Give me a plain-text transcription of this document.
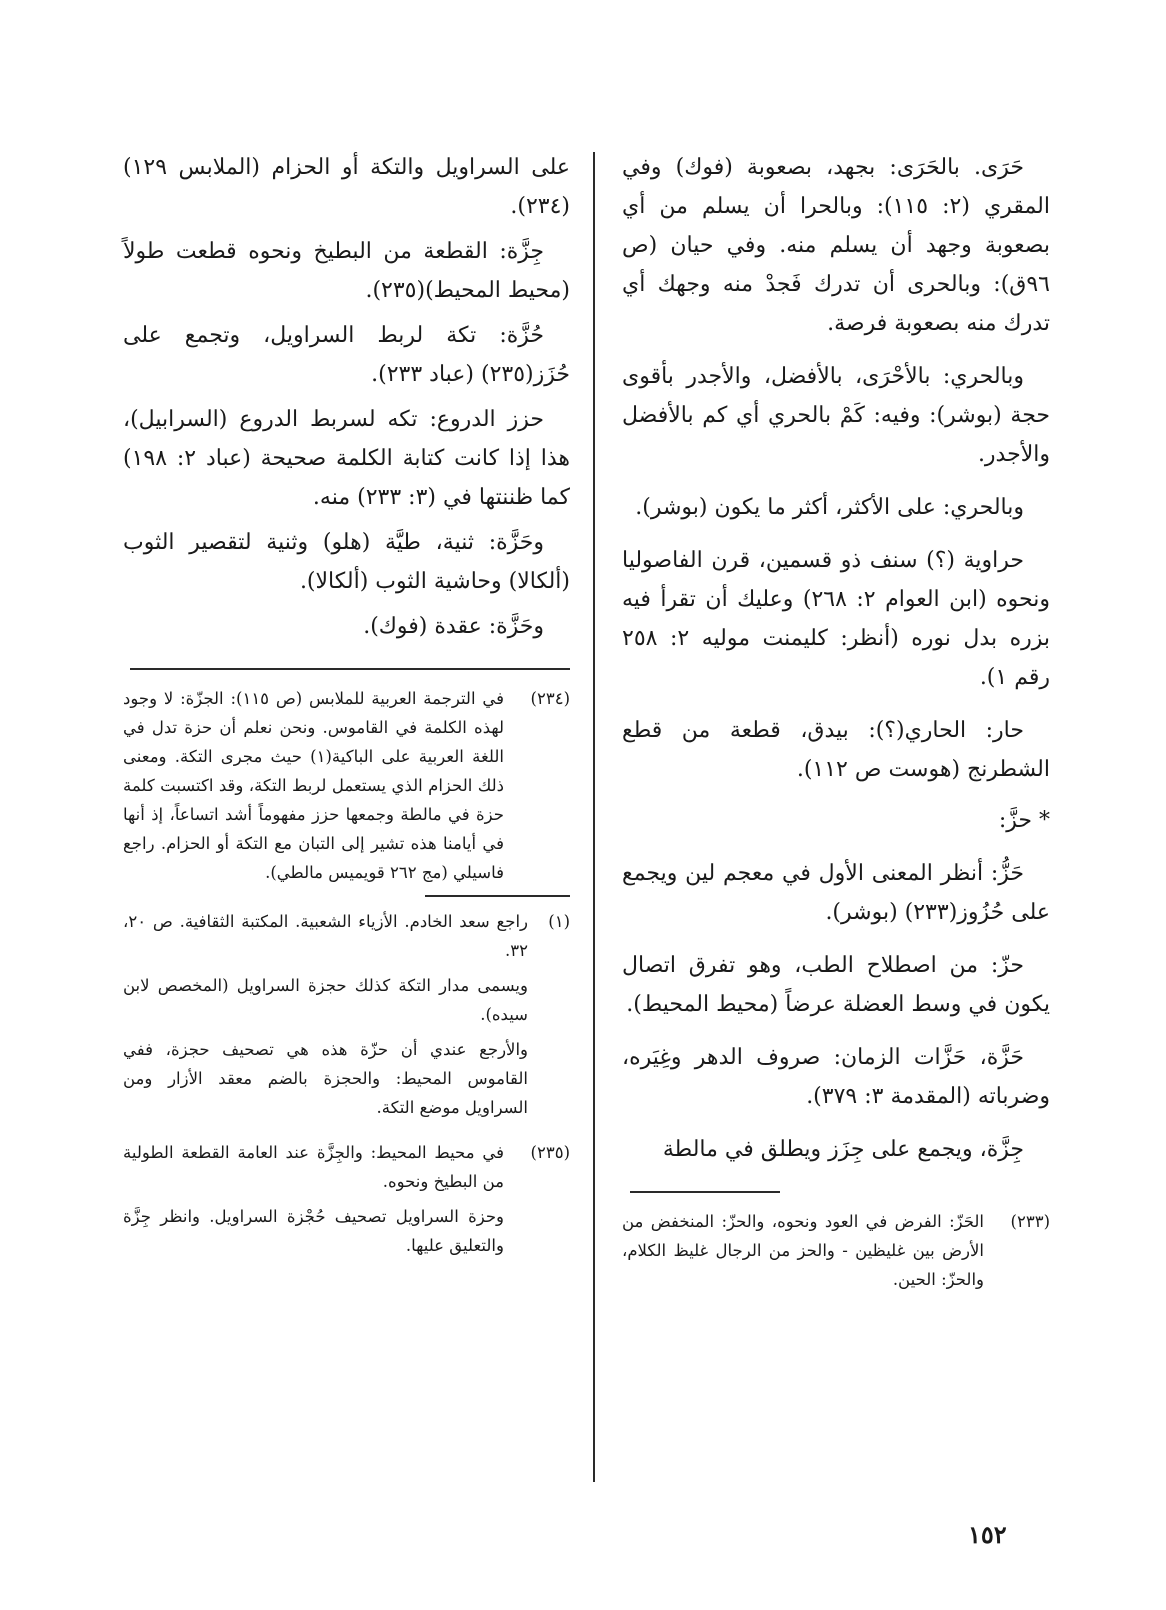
حَرَى. بالحَرَى: بجهد، بصعوبة (فوك) وفي المقري (٢: ١١٥): وبالحرا أن يسلم من أي بصعوبة وجهد أن يسلم منه. وفي حيان (ص ٩٦ق): وبالحرى أن تدرك فَجدْ منه وجهك أي تدرك منه بصعوبة فرصة.

وبالحري: بالأحْرَى، بالأفضل، والأجدر بأقوى حجة (بوشر): وفيه: كَمْ بالحري أي كم بالأفضل والأجدر.

وبالحري: على الأكثر، أكثر ما يكون (بوشر).

حراوية (؟) سنف ذو قسمين، قرن الفاصوليا ونحوه (ابن العوام ٢: ٢٦٨) وعليك أن تقرأ فيه بزره بدل نوره (أنظر: كليمنت موليه ٢: ٢٥٨ رقم ١).

حار: الحاري(؟): بيدق، قطعة من قطع الشطرنج (هوست ص ١١٢).

* حزَّ:

حَزُّ: أنظر المعنى الأول في معجم لين ويجمع على حُزُوز(٢٣٣) (بوشر).

حزّ: من اصطلاح الطب، وهو تفرق اتصال يكون في وسط العضلة عرضاً (محيط المحيط).

حَزَّة، حَزَّات الزمان: صروف الدهر وغِيَره، وضرباته (المقدمة ٣: ٣٧٩).

جِزَّة، ويجمع على جِزَز ويطلق في مالطة

(٢٣٣)
الحَزّ: الفرض في العود ونحوه، والحزّ: المنخفض من الأرض بين غليظين - والحز من الرجال غليظ الكلام، والحزّ: الحين.

على السراويل والتكة أو الحزام (الملابس ١٢٩)(٢٣٤).

جِزَّة: القطعة من البطيخ ونحوه قطعت طولاً (محيط المحيط)(٢٣٥).

حُزَّة: تكة لربط السراويل، وتجمع على حُزَز(٢٣٥) (عباد ٢٣٣).

حزز الدروع: تكه لسربط الدروع (السرابيل)، هذا إذا كانت كتابة الكلمة صحيحة (عباد ٢: ١٩٨) كما ظننتها في (٣: ٢٣٣) منه.

وحَزَّة: ثنية، طيَّة (هلو) وثنية لتقصير الثوب (ألكالا) وحاشية الثوب (ألكالا).

وحَزَّة: عقدة (فوك).

(٢٣٤)
في الترجمة العربية للملابس (ص ١١٥): الجزّة: لا وجود لهذه الكلمة في القاموس. ونحن نعلم أن حزة تدل في اللغة العربية على الباكية(١) حيث مجرى التكة. ومعنى ذلك الحزام الذي يستعمل لربط التكة، وقد اكتسبت كلمة حزة في مالطة وجمعها حزز مفهوماً أشد اتساعاً، إذ أنها في أيامنا هذه تشير إلى التبان مع التكة أو الحزام. راجع فاسيلي (مج ٢٦٢ قويميس مالطي).
(١)

راجع سعد الخادم. الأزياء الشعبية. المكتبة الثقافية. ص ٢٠، ٣٢.

ويسمى مدار التكة كذلك حجزة السراويل (المخصص لابن سيده).

والأرجع عندي أن حزّة هذه هي تصحيف حجزة، ففي القاموس المحيط: والحجزة بالضم معقد الأزار ومن السراويل موضع التكة.

(٢٣٥)

في محيط المحيط: والجِزَّة عند العامة القطعة الطولية من البطيخ ونحوه.

وحزة السراويل تصحيف حُجْزة السراويل. وانظر جِزَّة والتعليق عليها.

١٥٢
